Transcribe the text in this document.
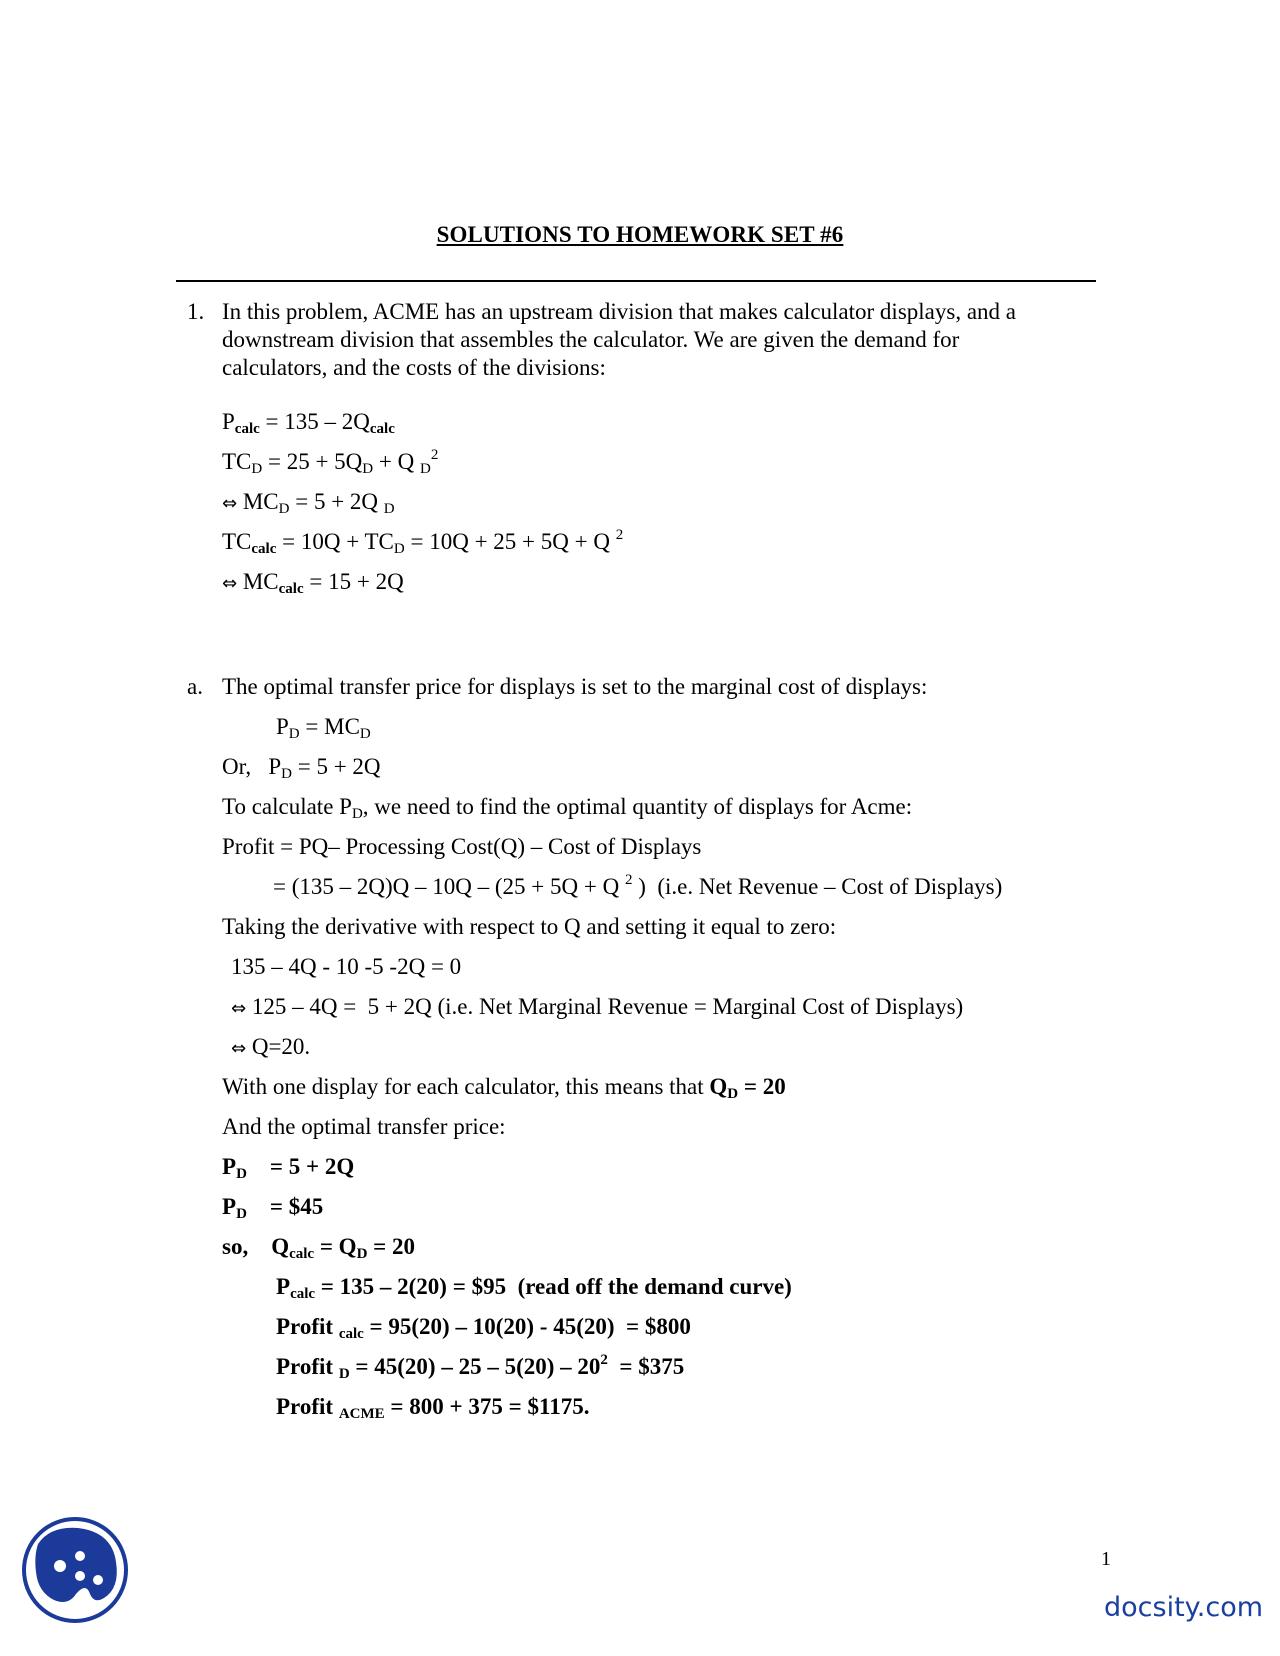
SOLUTIONS TO HOMEWORK SET #6
1. In this problem, ACME has an upstream division that makes calculator displays, and a
downstream division that assembles the calculator. We are given the demand for
calculators, and the costs of the divisions:
$P_{calc} = 135 - 2Q_{calc}$
$TC_D = 25 + 5Q_D + Q$ $_D^2$
⇔ $MC_D = 5 + 2Q$ $_D$
$TC_{calc} = 10Q + TC_D = 10Q + 25 + 5Q + Q$ $^2$
⇔ $MC_{calc} = 15 + 2Q$
a. The optimal transfer price for displays is set to the marginal cost of displays:
$P_D = MC_D$
Or,   $P_D = 5 + 2Q$
To calculate $P_D$, we need to find the optimal quantity of displays for Acme:
Profit = PQ– Processing Cost(Q) – Cost of Displays
= (135 – 2Q)Q – 10Q – (25 + 5Q + Q $^2$ )  (i.e. Net Revenue – Cost of Displays)
Taking the derivative with respect to Q and setting it equal to zero:
135 – 4Q - 10 -5 -2Q = 0
⇔ 125 – 4Q =  5 + 2Q (i.e. Net Marginal Revenue = Marginal Cost of Displays)
⇔ Q=20.
With one display for each calculator, this means that $Q_D = 20$
And the optimal transfer price:
$P_D$    = 5 + 2Q
$P_D$    = $45
so,    $Q_{calc} = Q_D = 20$
$P_{calc} = 135 - 2(20)$ = $95  (read off the demand curve)
Profit $_{calc}$ = 95(20) – 10(20) - 45(20)  = $800
Profit $_D = 45(20) - 25 - 5(20) - 20^2$  = $375
Profit $_{ACME}$ = 800 + 375 = $1175.
1
docsity.com
